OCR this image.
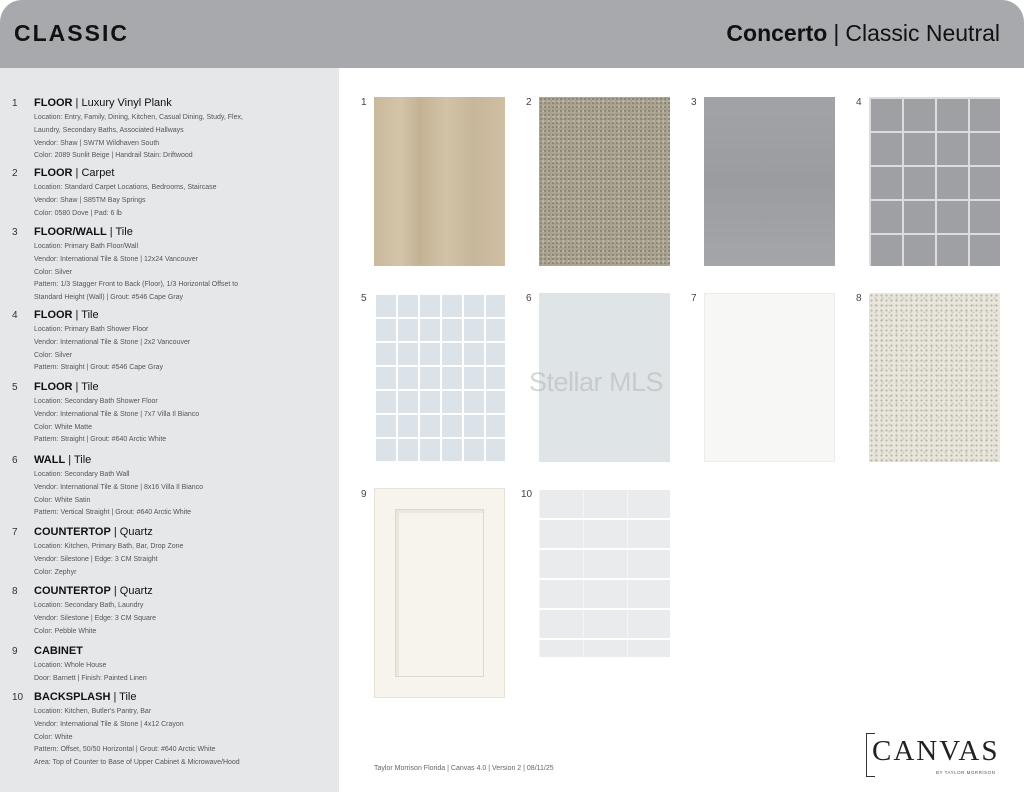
CLASSIC	Concerto | Classic Neutral
1 FLOOR | Luxury Vinyl Plank
Location: Entry, Family, Dining, Kitchen, Casual Dining, Study, Flex,
Laundry, Secondary Baths, Associated Hallways
Vendor: Shaw | SW7M Wildhaven South
Color: 2089 Sunlit Beige | Handrail Stain: Driftwood
2 FLOOR | Carpet
Location: Standard Carpet Locations, Bedrooms, Staircase
Vendor: Shaw | S85TM Bay Springs
Color: 0580 Dove | Pad: 6 lb
3 FLOOR/WALL | Tile
Location: Primary Bath Floor/Wall
Vendor: International Tile & Stone | 12x24 Vancouver
Color: Silver
Pattern: 1/3 Stagger Front to Back (Floor), 1/3 Horizontal Offset to
Standard Height (Wall) | Grout: #546 Cape Gray
4 FLOOR | Tile
Location: Primary Bath Shower Floor
Vendor: International Tile & Stone | 2x2 Vancouver
Color: Silver
Pattern: Straight | Grout: #546 Cape Gray
5 FLOOR | Tile
Location: Secondary Bath Shower Floor
Vendor: International Tile & Stone | 7x7 Villa Il Bianco
Color: White Matte
Pattern: Straight | Grout: #640 Arctic White
6 WALL | Tile
Location: Secondary Bath Wall
Vendor: International Tile & Stone | 8x16 Villa Il Bianco
Color: White Satin
Pattern: Vertical Straight | Grout: #640 Arctic White
7 COUNTERTOP | Quartz
Location: Kitchen, Primary Bath, Bar, Drop Zone
Vendor: Silestone | Edge: 3 CM Straight
Color: Zephyr
8 COUNTERTOP | Quartz
Location: Secondary Bath, Laundry
Vendor: Silestone | Edge: 3 CM Square
Color: Pebble White
9 CABINET
Location: Whole House
Door: Barnett | Finish: Painted Linen
10 BACKSPLASH | Tile
Location: Kitchen, Butler's Pantry, Bar
Vendor: International Tile & Stone | 4x12 Crayon
Color: White
Pattern: Offset, 50/50 Horizontal | Grout: #640 Arctic White
Area: Top of Counter to Base of Upper Cabinet & Microwave/Hood
1	2	3	4
5	6	7	8
9	10
Stellar MLS
Taylor Morrison Florida | Canvas 4.0 | Version 2 | 08/11/25
CANVAS
BY TAYLOR MORRISON
